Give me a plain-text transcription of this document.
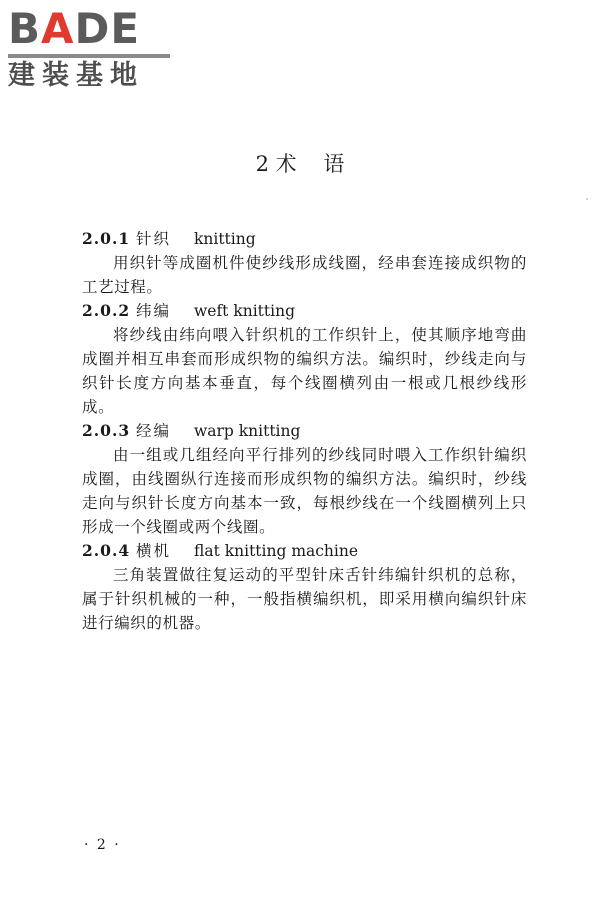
BADE
建装基地
2 术    语
2.0.1 针织 knitting
用织针等成圈机件使纱线形成线圈，经串套连接成织物的工艺过程。
2.0.2 纬编 weft knitting
将纱线由纬向喂入针织机的工作织针上，使其顺序地弯曲成圈并相互串套而形成织物的编织方法。编织时，纱线走向与织针长度方向基本垂直，每个线圈横列由一根或几根纱线形成。
2.0.3 经编 warp knitting
由一组或几组经向平行排列的纱线同时喂入工作织针编织成圈，由线圈纵行连接而形成织物的编织方法。编织时，纱线走向与织针长度方向基本一致，每根纱线在一个线圈横列上只形成一个线圈或两个线圈。
2.0.4 横机 flat knitting machine
三角装置做往复运动的平型针床舌针纬编针织机的总称，属于针织机械的一种，一般指横编织机，即采用横向编织针床进行编织的机器。
· 2 ·
